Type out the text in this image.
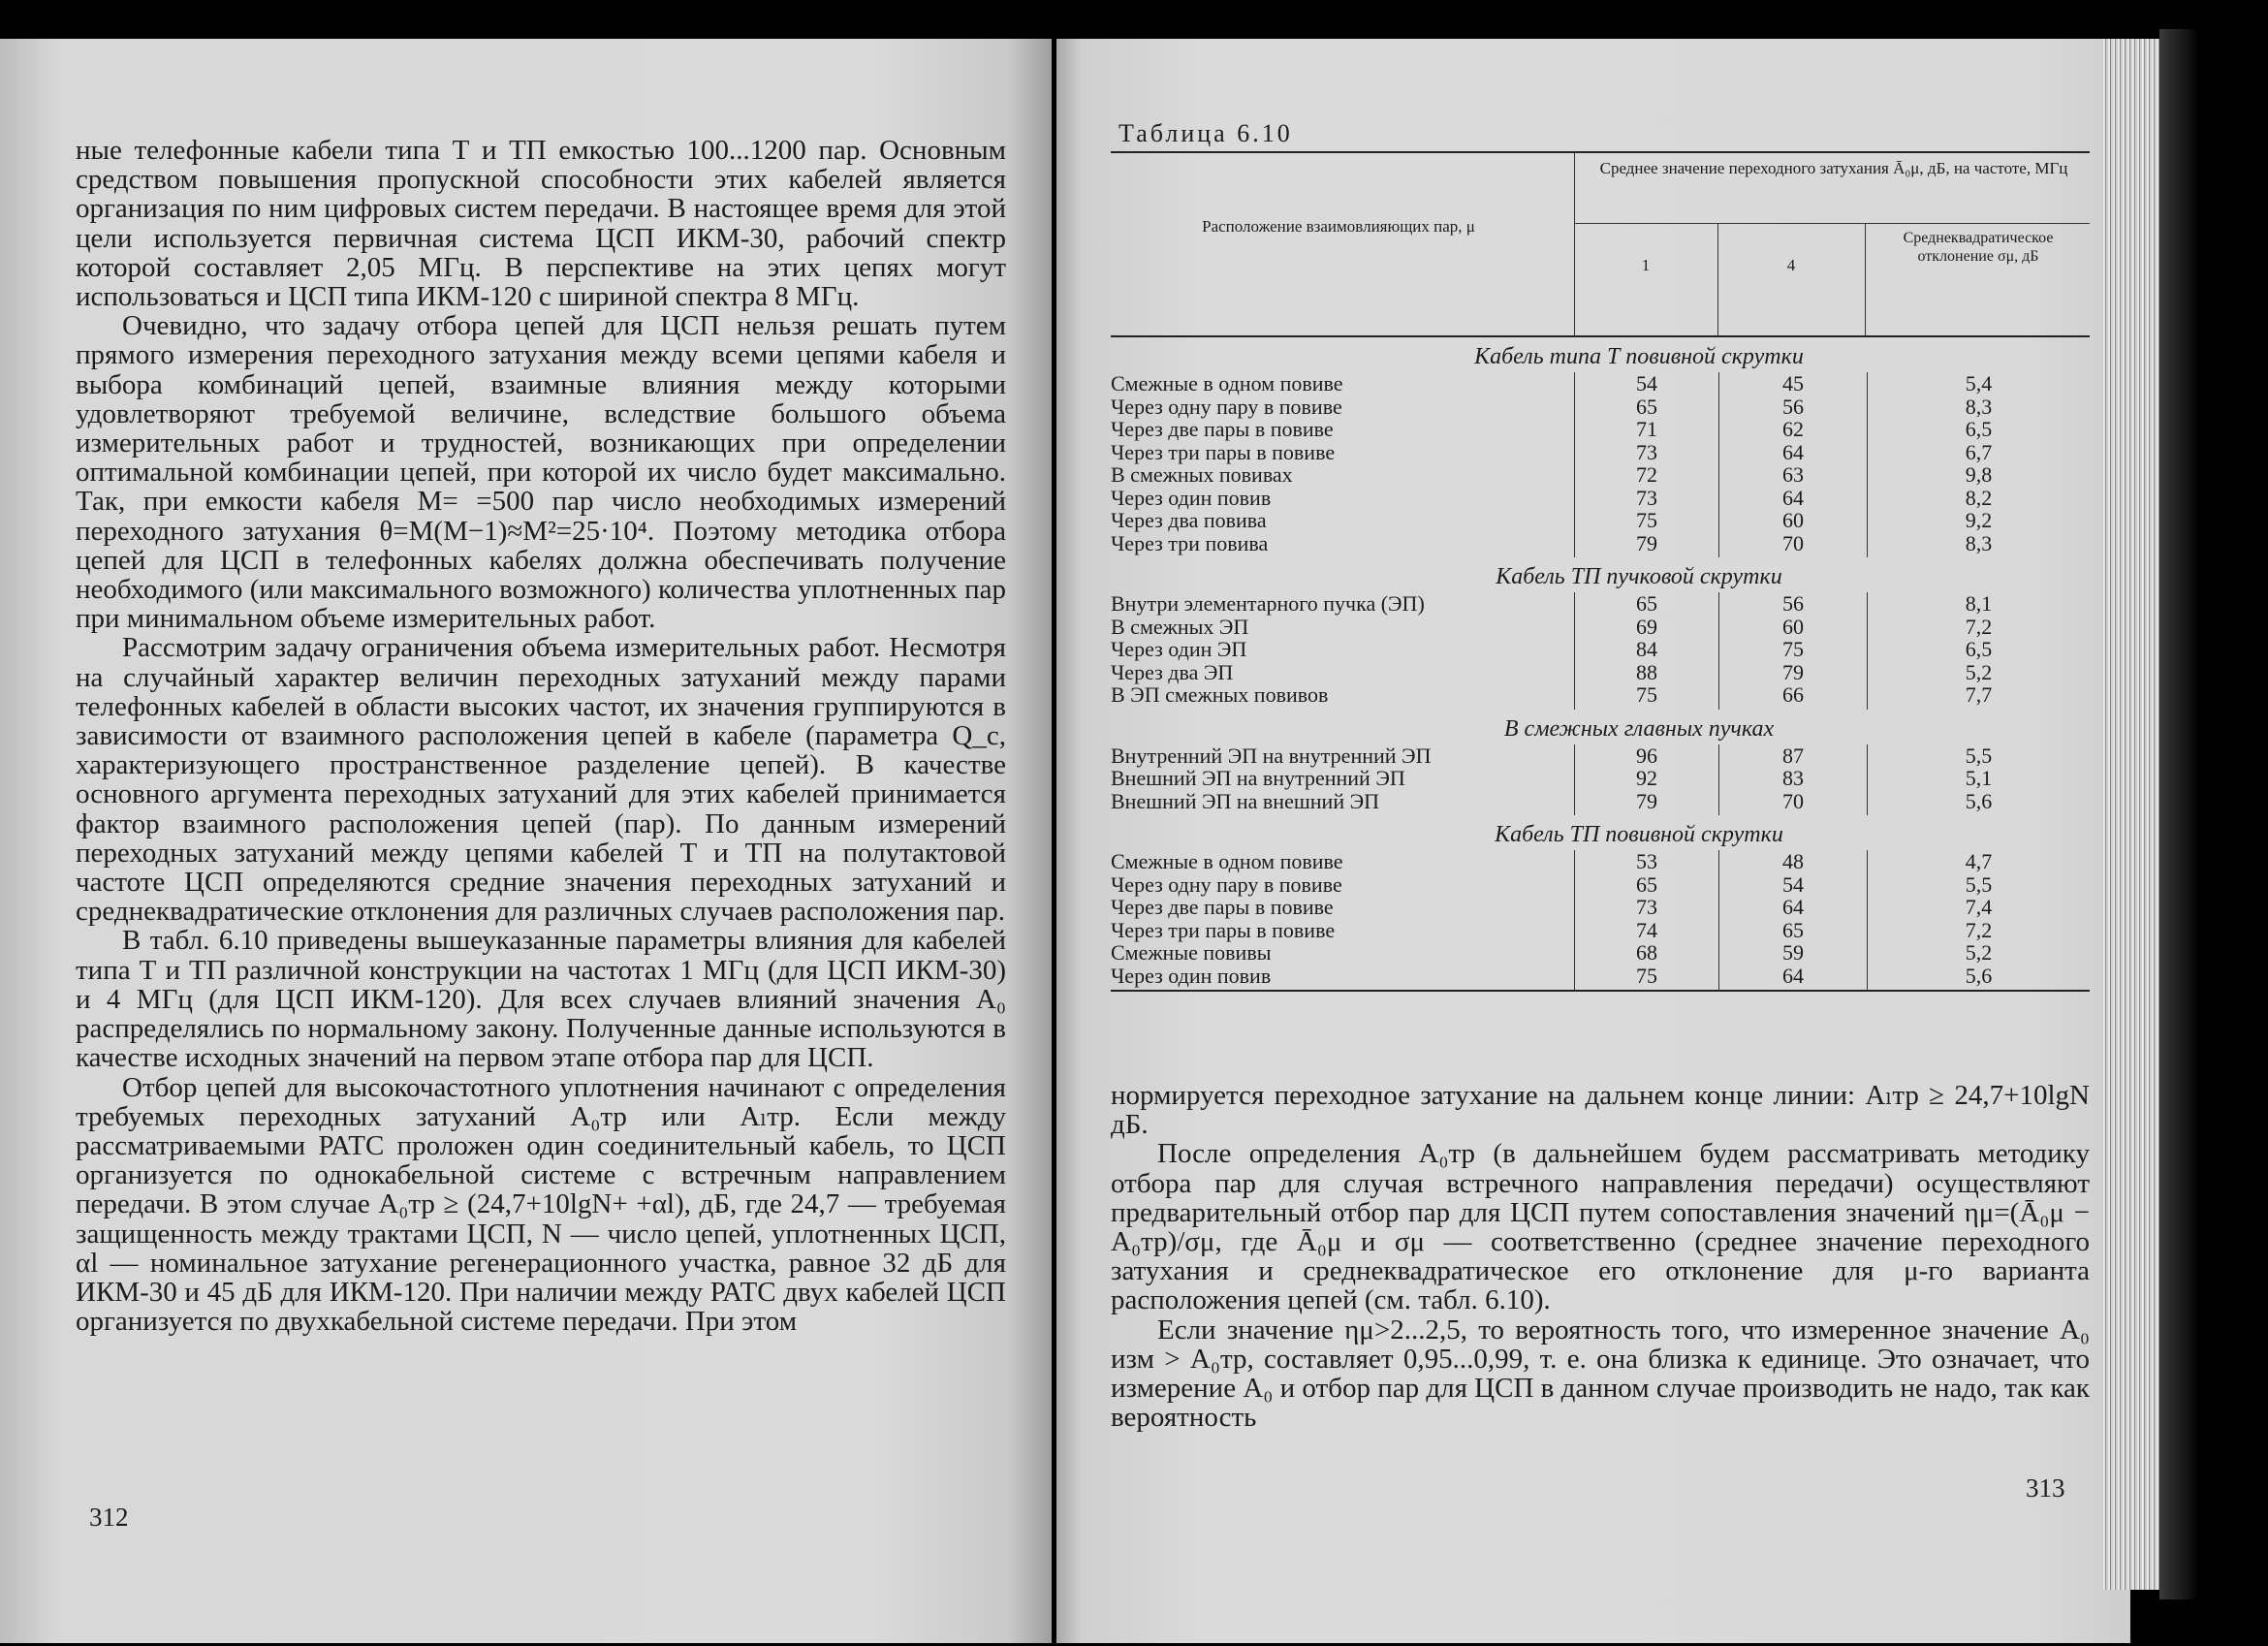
ные телефонные кабели типа Т и ТП емкостью 100...1200 пар. Основным средством повышения пропускной способности этих кабелей является организация по ним цифровых систем передачи. В настоящее время для этой цели используется первичная система ЦСП ИКМ-30, рабочий спектр которой составляет 2,05 МГц. В перспективе на этих цепях могут использоваться и ЦСП типа ИКМ-120 с шириной спектра 8 МГц.

Очевидно, что задачу отбора цепей для ЦСП нельзя решать путем прямого измерения переходного затухания между всеми цепями кабеля и выбора комбинаций цепей, взаимные влияния между которыми удовлетворяют требуемой величине, вследствие большого объема измерительных работ и трудностей, возникающих при определении оптимальной комбинации цепей, при которой их число будет максимально. Так, при емкости кабеля M= =500 пар число необходимых измерений переходного затухания θ=M(M−1)≈M²=25·10⁴. Поэтому методика отбора цепей для ЦСП в телефонных кабелях должна обеспечивать получение необходимого (или максимального возможного) количества уплотненных пар при минимальном объеме измерительных работ.

Рассмотрим задачу ограничения объема измерительных работ. Несмотря на случайный характер величин переходных затуханий между парами телефонных кабелей в области высоких частот, их значения группируются в зависимости от взаимного расположения цепей в кабеле (параметра Q_c, характеризующего пространственное разделение цепей). В качестве основного аргумента переходных затуханий для этих кабелей принимается фактор взаимного расположения цепей (пар). По данным измерений переходных затуханий между цепями кабелей Т и ТП на полутактовой частоте ЦСП определяются средние значения переходных затуханий и среднеквадратические отклонения для различных случаев расположения пар.

В табл. 6.10 приведены вышеуказанные параметры влияния для кабелей типа Т и ТП различной конструкции на частотах 1 МГц (для ЦСП ИКМ-30) и 4 МГц (для ЦСП ИКМ-120). Для всех случаев влияний значения A₀ распределялись по нормальному закону. Полученные данные используются в качестве исходных значений на первом этапе отбора пар для ЦСП.

Отбор цепей для высокочастотного уплотнения начинают с определения требуемых переходных затуханий A₀тр или Aₗтр. Если между рассматриваемыми РАТС проложен один соединительный кабель, то ЦСП организуется по однокабельной системе с встречным направлением передачи. В этом случае A₀тр ≥ (24,7+10lgN+ +αl), дБ, где 24,7 — требуемая защищенность между трактами ЦСП, N — число цепей, уплотненных ЦСП, αl — номинальное затухание регенерационного участка, равное 32 дБ для ИКМ-30 и 45 дБ для ИКМ-120. При наличии между РАТС двух кабелей ЦСП организуется по двухкабельной системе передачи. При этом

312
Таблица 6.10
Расположение взаимовлияющих пар, μ
Среднее значение переходного затухания Ā₀μ, дБ, на частоте, МГц
1	4
Среднеквадратическое отклонение σμ, дБ
Кабель типа Т повивной скрутки
Смежные в одном повиве	54	45	5,4
Через одну пару в повиве	65	56	8,3
Через две пары в повиве	71	62	6,5
Через три пары в повиве	73	64	6,7
В смежных повивах	72	63	9,8
Через один повив	73	64	8,2
Через два повива	75	60	9,2
Через три повива	79	70	8,3
Кабель ТП пучковой скрутки
Внутри элементарного пучка (ЭП)	65	56	8,1
В смежных ЭП	69	60	7,2
Через один ЭП	84	75	6,5
Через два ЭП	88	79	5,2
В ЭП смежных повивов	75	66	7,7
В смежных главных пучках
Внутренний ЭП на внутренний ЭП	96	87	5,5
Внешний ЭП на внутренний ЭП	92	83	5,1
Внешний ЭП на внешний ЭП	79	70	5,6
Кабель ТП повивной скрутки
Смежные в одном повиве	53	48	4,7
Через одну пару в повиве	65	54	5,5
Через две пары в повиве	73	64	7,4
Через три пары в повиве	74	65	7,2
Смежные повивы	68	59	5,2
Через один повив	75	64	5,6

нормируется переходное затухание на дальнем конце линии: Aₗтр ≥ 24,7+10lgN дБ.

После определения A₀тр (в дальнейшем будем рассматривать методику отбора пар для случая встречного направления передачи) осуществляют предварительный отбор пар для ЦСП путем сопоставления значений ημ=(Ā₀μ − A₀тр)/σμ, где Ā₀μ и σμ — соответственно (среднее значение переходного затухания и среднеквадратическое его отклонение для μ-го варианта расположения цепей (см. табл. 6.10).

Если значение ημ>2...2,5, то вероятность того, что измеренное значение A₀ изм > A₀тр, составляет 0,95...0,99, т. е. она близка к единице. Это означает, что измерение A₀ и отбор пар для ЦСП в данном случае производить не надо, так как вероятность

313
